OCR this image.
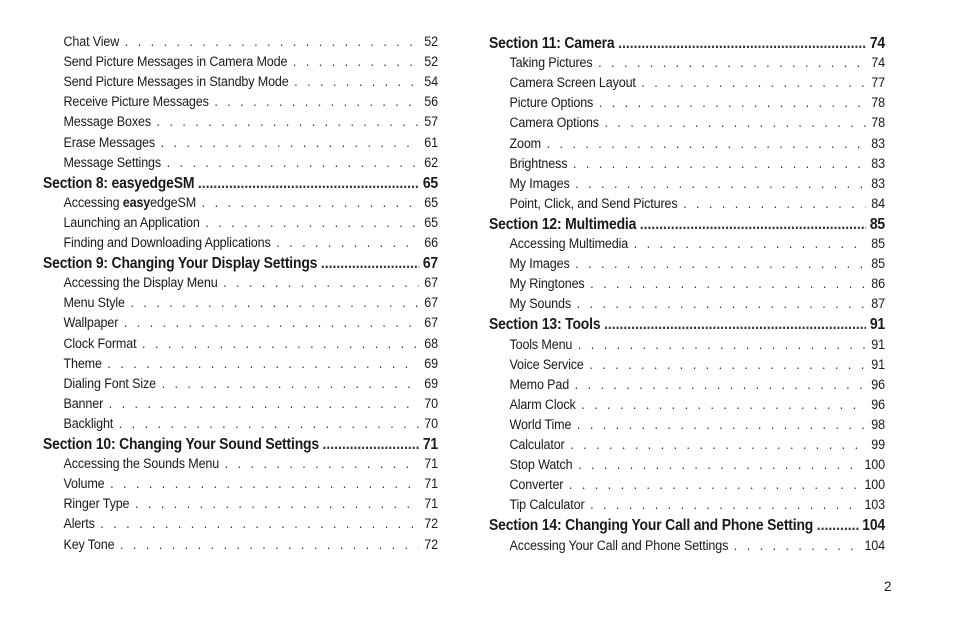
Chat View . . .	52
Send Picture Messages in Camera Mode . . .	52
Send Picture Messages in Standby Mode . . .	54
Receive Picture Messages . . .	56
Message Boxes . . .	57
Erase Messages . . .	61
Message Settings . . .	62
Section 8: easyedgeSM .....	65
Accessing easyedgeSM . . .	65
Launching an Application . . .	65
Finding and Downloading Applications . . .	66
Section 9: Changing Your Display Settings .....	67
Accessing the Display Menu . . .	67
Menu Style . . .	67
Wallpaper . . .	67
Clock Format . . .	68
Theme . . .	69
Dialing Font Size . . .	69
Banner . . .	70
Backlight . . .	70
Section 10: Changing Your Sound Settings .....	71
Accessing the Sounds Menu . . .	71
Volume . . .	71
Ringer Type . . .	71
Alerts . . .	72
Key Tone . . .	72
Section 11: Camera .....	74
Taking Pictures . . .	74
Camera Screen Layout . . .	77
Picture Options . . .	78
Camera Options . . .	78
Zoom . . .	83
Brightness . . .	83
My Images . . .	83
Point, Click, and Send Pictures . . .	84
Section 12: Multimedia .....	85
Accessing Multimedia . . .	85
My Images . . .	85
My Ringtones . . .	86
My Sounds . . .	87
Section 13: Tools .....	91
Tools Menu . . .	91
Voice Service . . .	91
Memo Pad . . .	96
Alarm Clock . . .	96
World Time . . .	98
Calculator . . .	99
Stop Watch . . .	100
Converter . . .	100
Tip Calculator . . .	103
Section 14: Changing Your Call and Phone Setting .....	104
Accessing Your Call and Phone Settings . . .	104
2
